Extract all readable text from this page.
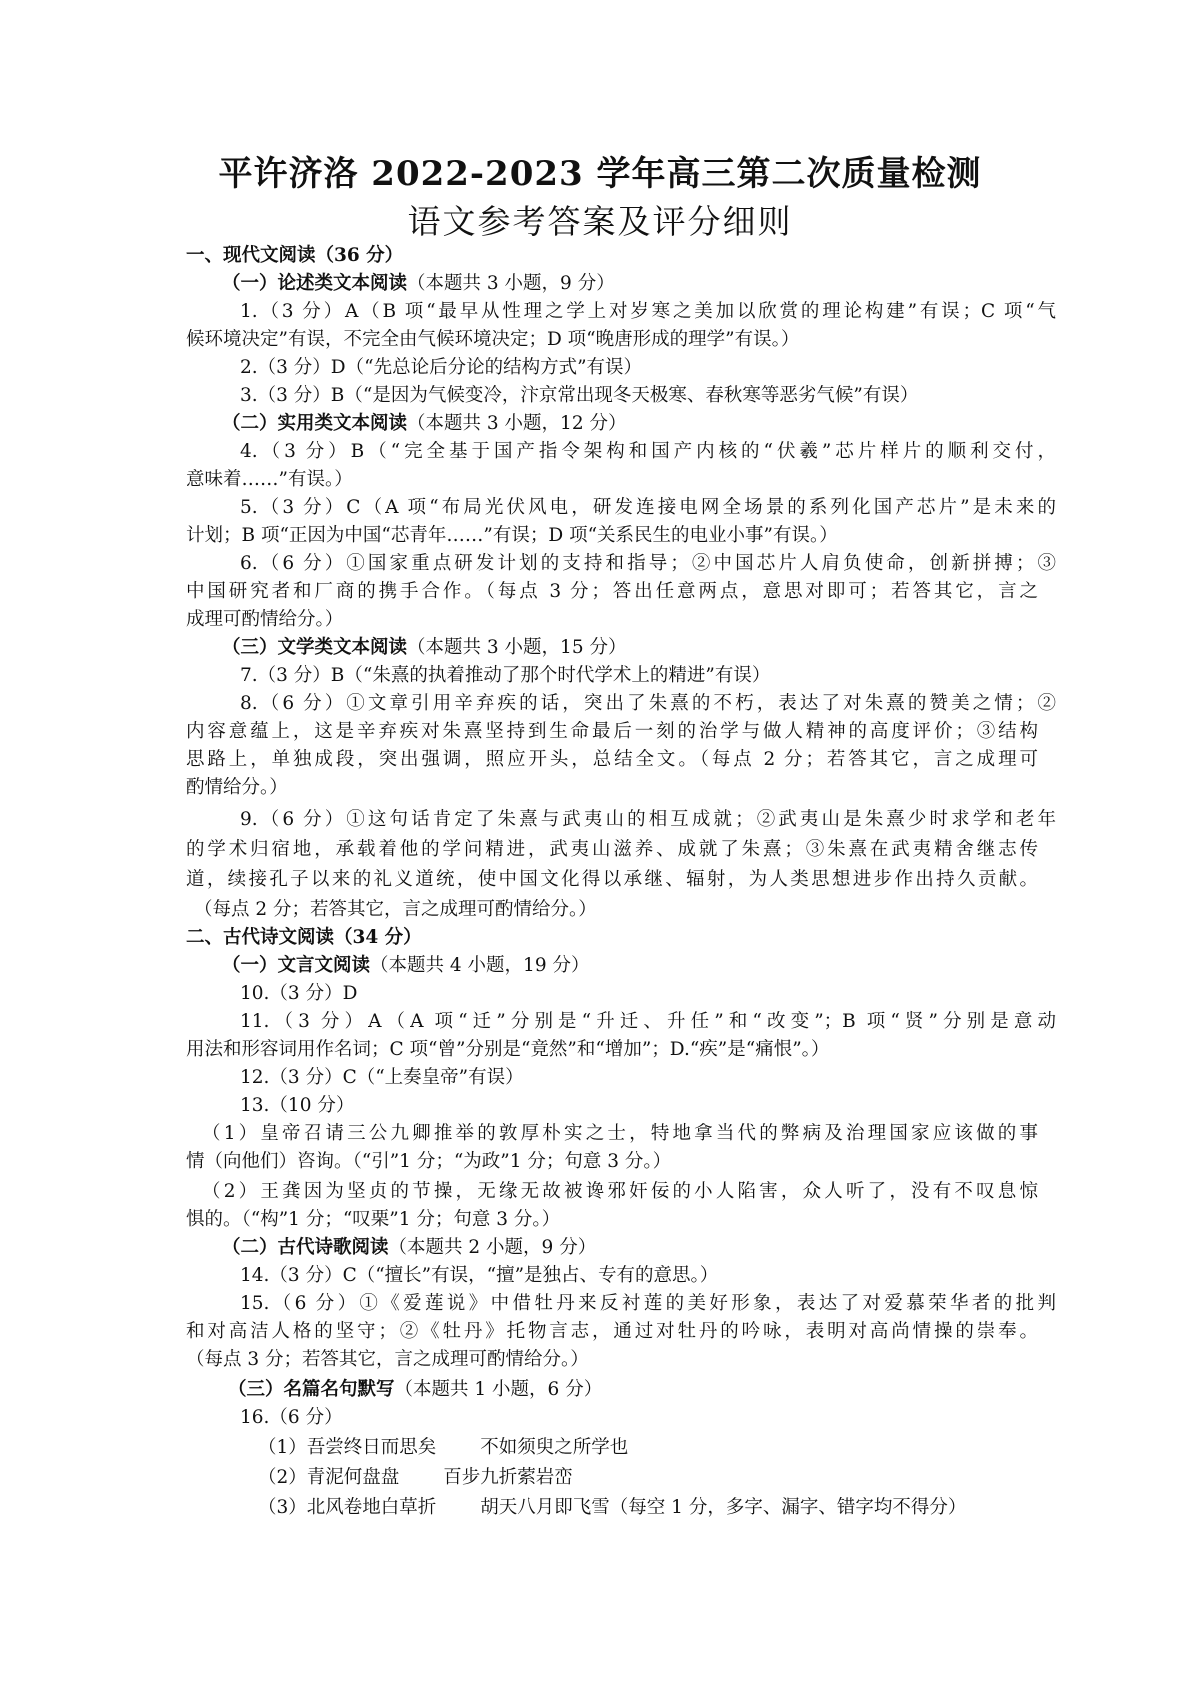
平许济洛 2022-2023 学年高三第二次质量检测
语文参考答案及评分细则
一、现代文阅读（36 分）
（一）论述类文本阅读（本题共 3 小题，9 分）
1.（3 分）A（B 项“最早从性理之学上对岁寒之美加以欣赏的理论构建”有误；C 项“气
候环境决定”有误，不完全由气候环境决定；D 项“晚唐形成的理学”有误。）
2.（3 分）D（“先总论后分论的结构方式”有误）
3.（3 分）B（“是因为气候变冷，汴京常出现冬天极寒、春秋寒等恶劣气候”有误）
（二）实用类文本阅读（本题共 3 小题，12 分）
4.（3 分）B（“完全基于国产指令架构和国产内核的“伏羲”芯片样片的顺利交付，
意味着……”有误。）
5.（3 分）C（A 项“布局光伏风电，研发连接电网全场景的系列化国产芯片”是未来的
计划；B 项“正因为中国“芯青年……”有误；D 项“关系民生的电业小事”有误。）
6.（6 分）①国家重点研发计划的支持和指导；②中国芯片人肩负使命，创新拼搏；③
中国研究者和厂商的携手合作。（每点 3 分；答出任意两点，意思对即可；若答其它，言之
成理可酌情给分。）
（三）文学类文本阅读（本题共 3 小题，15 分）
7.（3 分）B（“朱熹的执着推动了那个时代学术上的精进”有误）
8.（6 分）①文章引用辛弃疾的话，突出了朱熹的不朽，表达了对朱熹的赞美之情；②
内容意蕴上，这是辛弃疾对朱熹坚持到生命最后一刻的治学与做人精神的高度评价；③结构
思路上，单独成段，突出强调，照应开头，总结全文。（每点 2 分；若答其它，言之成理可
酌情给分。）
9.（6 分）①这句话肯定了朱熹与武夷山的相互成就；②武夷山是朱熹少时求学和老年
的学术归宿地，承载着他的学问精进，武夷山滋养、成就了朱熹；③朱熹在武夷精舍继志传
道，续接孔子以来的礼义道统，使中国文化得以承继、辐射，为人类思想进步作出持久贡献。
（每点 2 分；若答其它，言之成理可酌情给分。）
二、古代诗文阅读（34 分）
（一）文言文阅读（本题共 4 小题，19 分）
10.（3 分）D
11.（3 分）A（A 项“迁”分别是“升迁、升任”和“改变”；B 项“贤”分别是意动
用法和形容词用作名词；C 项“曾”分别是“竟然”和“增加”；D.“疾”是“痛恨”。）
12.（3 分）C（“上奏皇帝”有误）
13.（10 分）
（1）皇帝召请三公九卿推举的敦厚朴实之士，特地拿当代的弊病及治理国家应该做的事
情（向他们）咨询。（“引”1 分；“为政”1 分；句意 3 分。）
（2）王龚因为坚贞的节操，无缘无故被谗邪奸佞的小人陷害，众人听了，没有不叹息惊
惧的。（“构”1 分；“叹栗”1 分；句意 3 分。）
（二）古代诗歌阅读（本题共 2 小题，9 分）
14.（3 分）C（“擅长”有误，“擅”是独占、专有的意思。）
15.（6 分）①《爱莲说》中借牡丹来反衬莲的美好形象，表达了对爱慕荣华者的批判
和对高洁人格的坚守；②《牡丹》托物言志，通过对牡丹的吟咏，表明对高尚情操的崇奉。
（每点 3 分；若答其它，言之成理可酌情给分。）
（三）名篇名句默写（本题共 1 小题，6 分）
16.（6 分）
（1）吾尝终日而思矣 不如须臾之所学也
（2）青泥何盘盘 百步九折萦岩峦
（3）北风卷地白草折 胡天八月即飞雪（每空 1 分，多字、漏字、错字均不得分）
